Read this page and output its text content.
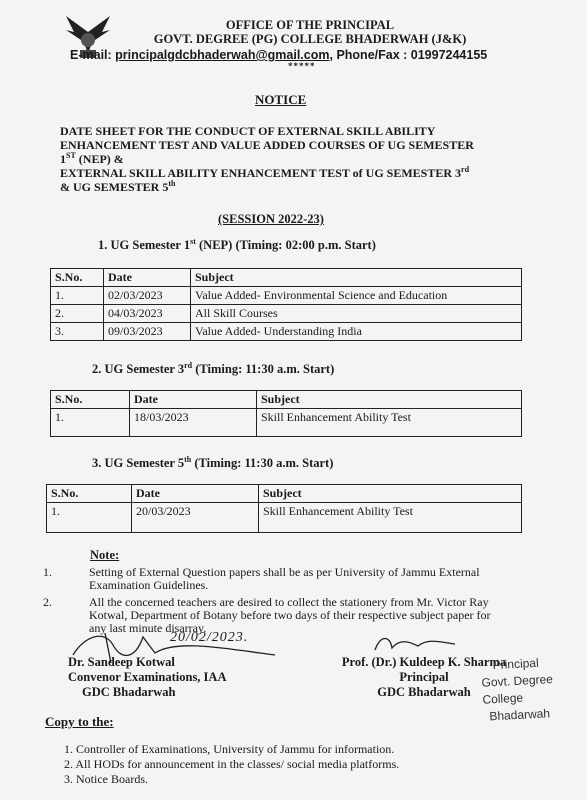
OFFICE OF THE PRINCIPAL
GOVT. DEGREE (PG) COLLEGE BHADERWAH (J&K)
E-mail: principalgdcbhaderwah@gmail.com, Phone/Fax : 01997244155
*****
NOTICE
DATE SHEET FOR THE CONDUCT OF EXTERNAL SKILL ABILITY
ENHANCEMENT TEST AND VALUE ADDED COURSES OF UG SEMESTER
1ST (NEP) &
EXTERNAL SKILL ABILITY ENHANCEMENT TEST of UG SEMESTER 3rd
& UG SEMESTER 5th
(SESSION 2022-23)
1. UG Semester 1st (NEP) (Timing: 02:00 p.m. Start)
S.No.	Date	Subject
1.	02/03/2023	Value Added- Environmental Science and Education
2.	04/03/2023	All Skill Courses
3.	09/03/2023	Value Added- Understanding India
2. UG Semester 3rd (Timing: 11:30 a.m. Start)
S.No.	Date	Subject
1.	18/03/2023	Skill Enhancement Ability Test
3. UG Semester 5th (Timing: 11:30 a.m. Start)
S.No.	Date	Subject
1.	20/03/2023	Skill Enhancement Ability Test
Note:
1.	Setting of External Question papers shall be as per University of Jammu External
Examination Guidelines.
2.	All the concerned teachers are desired to collect the stationery from Mr. Victor Ray
Kotwal, Department of Botany before two days of their respective subject paper for
any last minute disarray.
20/02/2023.
Dr. Sandeep Kotwal
Convenor Examinations, IAA
GDC Bhadarwah
Prof. (Dr.) Kuldeep K. Sharma
Principal
GDC Bhadarwah
Principal
Govt. Degree College
Bhadarwah
Copy to the:
1. Controller of Examinations, University of Jammu for information.
2. All HODs for announcement in the classes/ social media platforms.
3. Notice Boards.
